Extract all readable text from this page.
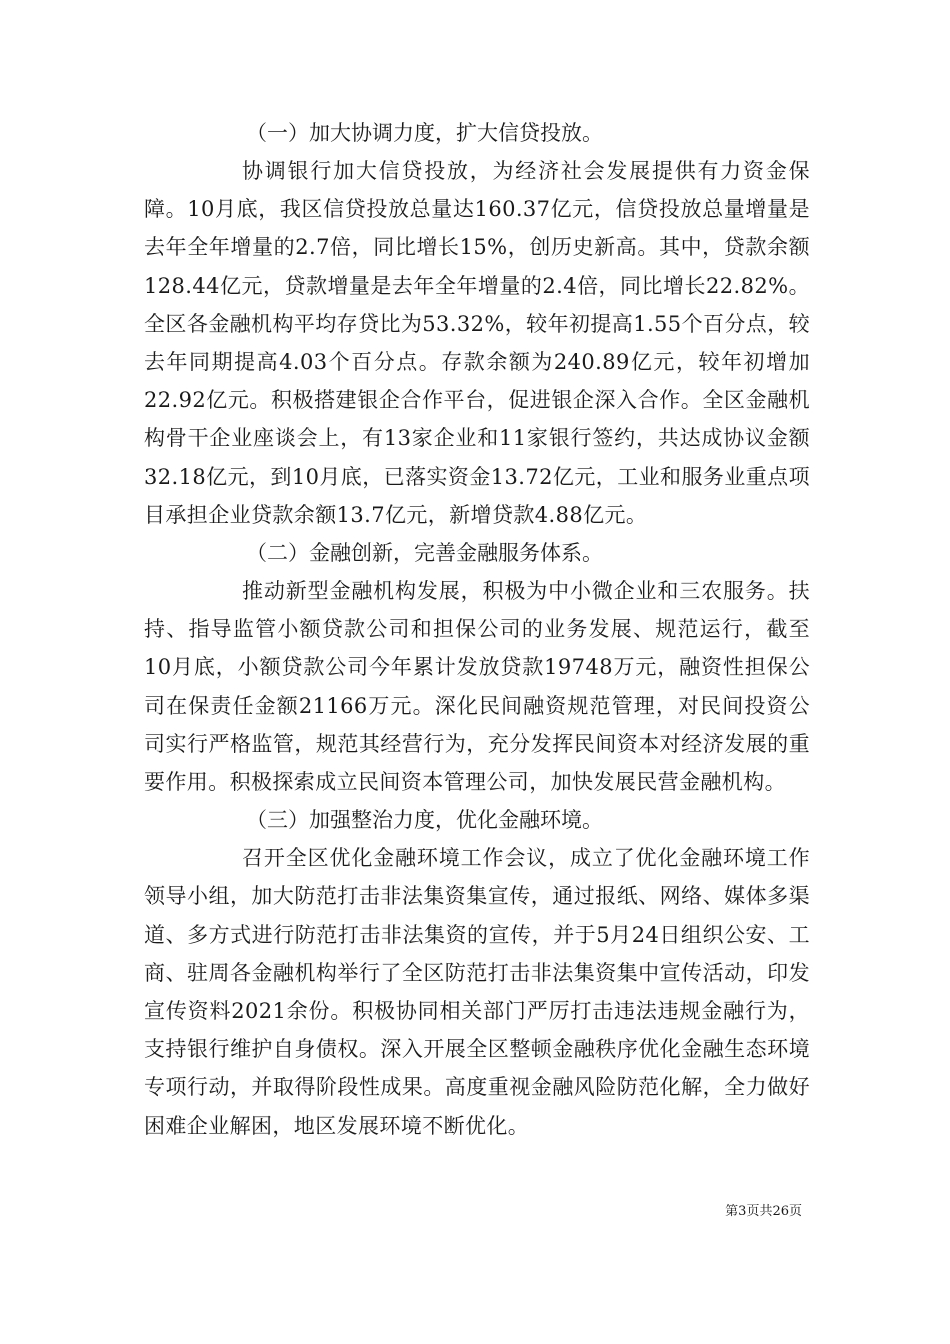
（一）加大协调力度，扩大信贷投放。

协调银行加大信贷投放，为经济社会发展提供有力资金保障。10月底，我区信贷投放总量达160.37亿元，信贷投放总量增量是去年全年增量的2.7倍，同比增长15%，创历史新高。其中，贷款余额128.44亿元，贷款增量是去年全年增量的2.4倍，同比增长22.82%。全区各金融机构平均存贷比为53.32%，较年初提高1.55个百分点，较去年同期提高4.03个百分点。存款余额为240.89亿元，较年初增加22.92亿元。积极搭建银企合作平台，促进银企深入合作。全区金融机构骨干企业座谈会上，有13家企业和11家银行签约，共达成协议金额32.18亿元，到10月底，已落实资金13.72亿元，工业和服务业重点项目承担企业贷款余额13.7亿元，新增贷款4.88亿元。

（二）金融创新，完善金融服务体系。

推动新型金融机构发展，积极为中小微企业和三农服务。扶持、指导监管小额贷款公司和担保公司的业务发展、规范运行，截至10月底，小额贷款公司今年累计发放贷款19748万元，融资性担保公司在保责任金额21166万元。深化民间融资规范管理，对民间投资公司实行严格监管，规范其经营行为，充分发挥民间资本对经济发展的重要作用。积极探索成立民间资本管理公司，加快发展民营金融机构。

（三）加强整治力度，优化金融环境。

召开全区优化金融环境工作会议，成立了优化金融环境工作领导小组，加大防范打击非法集资集宣传，通过报纸、网络、媒体多渠道、多方式进行防范打击非法集资的宣传，并于5月24日组织公安、工商、驻周各金融机构举行了全区防范打击非法集资集中宣传活动，印发宣传资料2021余份。积极协同相关部门严厉打击违法违规金融行为，支持银行维护自身债权。深入开展全区整顿金融秩序优化金融生态环境专项行动，并取得阶段性成果。高度重视金融风险防范化解，全力做好困难企业解困，地区发展环境不断优化。

第3页共26页
